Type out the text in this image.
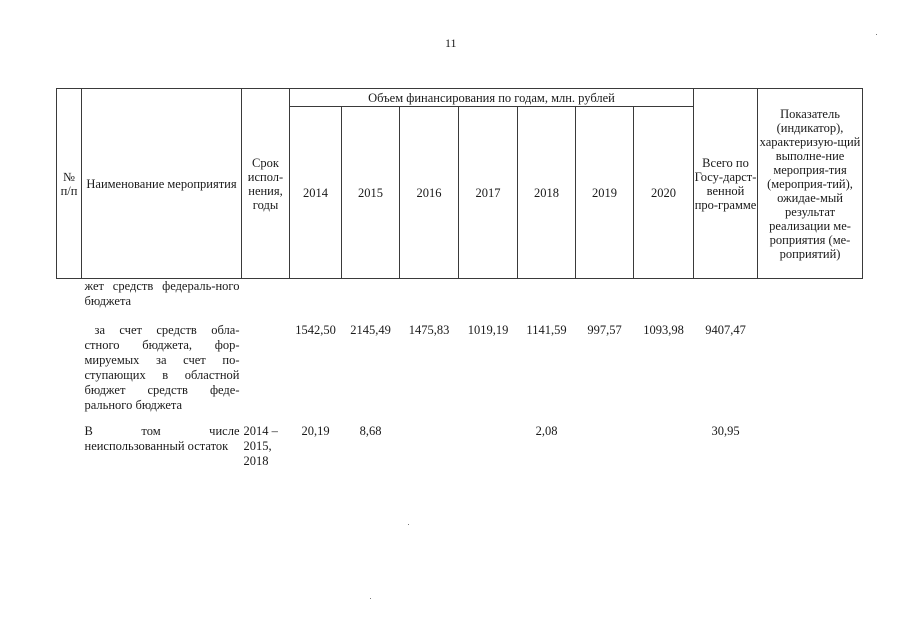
11
№ п/п	Наименование мероприятия	Срок испол-нения, годы	Объем финансирования по годам, млн. рублей							Всего по Госу-дарст-венной про-грамме	Показатель (индикатор), характеризую-щий выполне-ние мероприя-тия (мероприя-тий), ожидае-мый результат реализации ме-роприятия (ме-роприятий)
			2014	2015	2016	2017	2018	2019	2020		
	жет средств федераль-ного бюджета										
	за счет средств обла-стного бюджета, фор-мируемых за счет по-ступающих в областной бюджет средств феде-рального бюджета		1542,50	2145,49	1475,83	1019,19	1141,59	997,57	1093,98	9407,47	
	В том числе неиспользованный остаток	2014 – 2015, 2018	20,19	8,68			2,08			30,95	
